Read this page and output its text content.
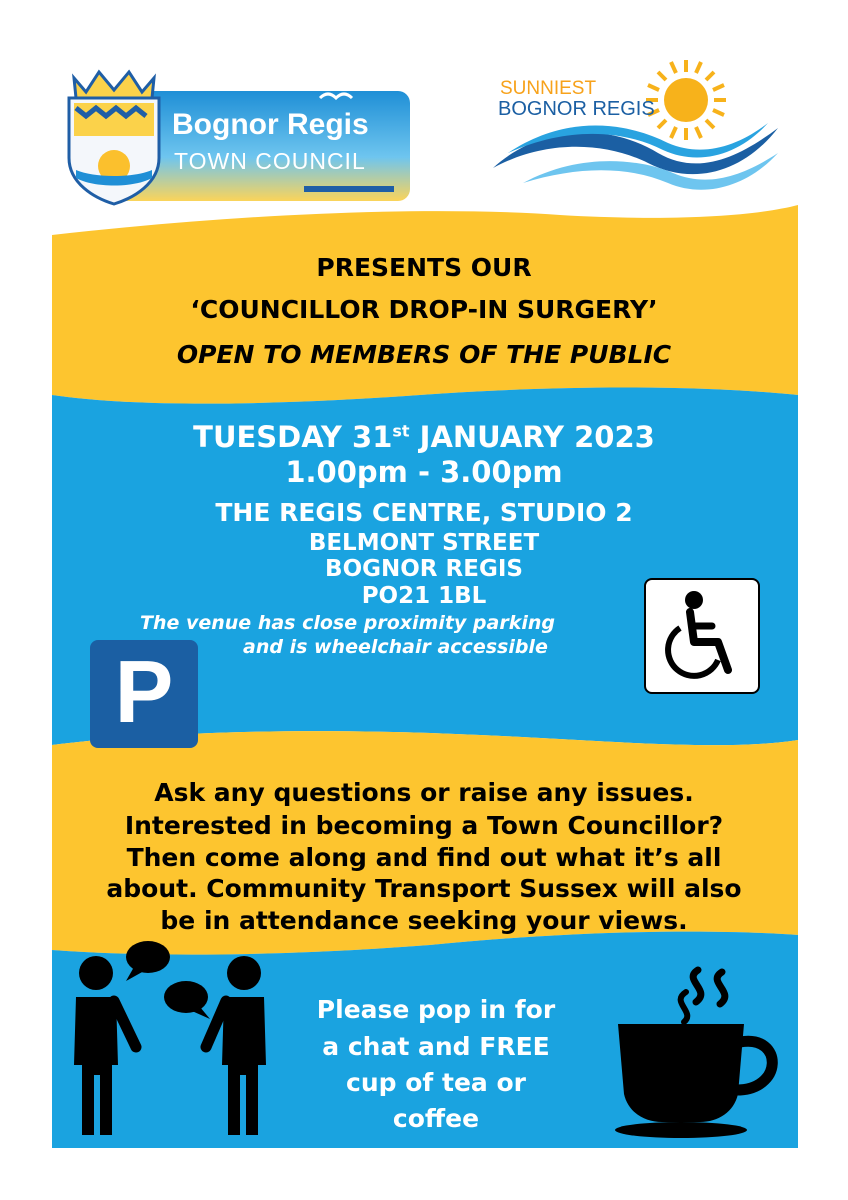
Bognor Regis
TOWN COUNCIL
SUNNIEST
BOGNOR REGIS
PRESENTS OUR
‘COUNCILLOR DROP-IN SURGERY’
OPEN TO MEMBERS OF THE PUBLIC
TUESDAY 31st JANUARY 2023
1.00pm - 3.00pm
THE REGIS CENTRE, STUDIO 2
BELMONT STREET
BOGNOR REGIS
PO21 1BL
The venue has close proximity parking
and is wheelchair accessible
P
Ask any questions or raise any issues.
Interested in becoming a Town Councillor?
Then come along and find out what it’s all
about. Community Transport Sussex will also
be in attendance seeking your views.
Please pop in for
a chat and FREE
cup of tea or
coffee
